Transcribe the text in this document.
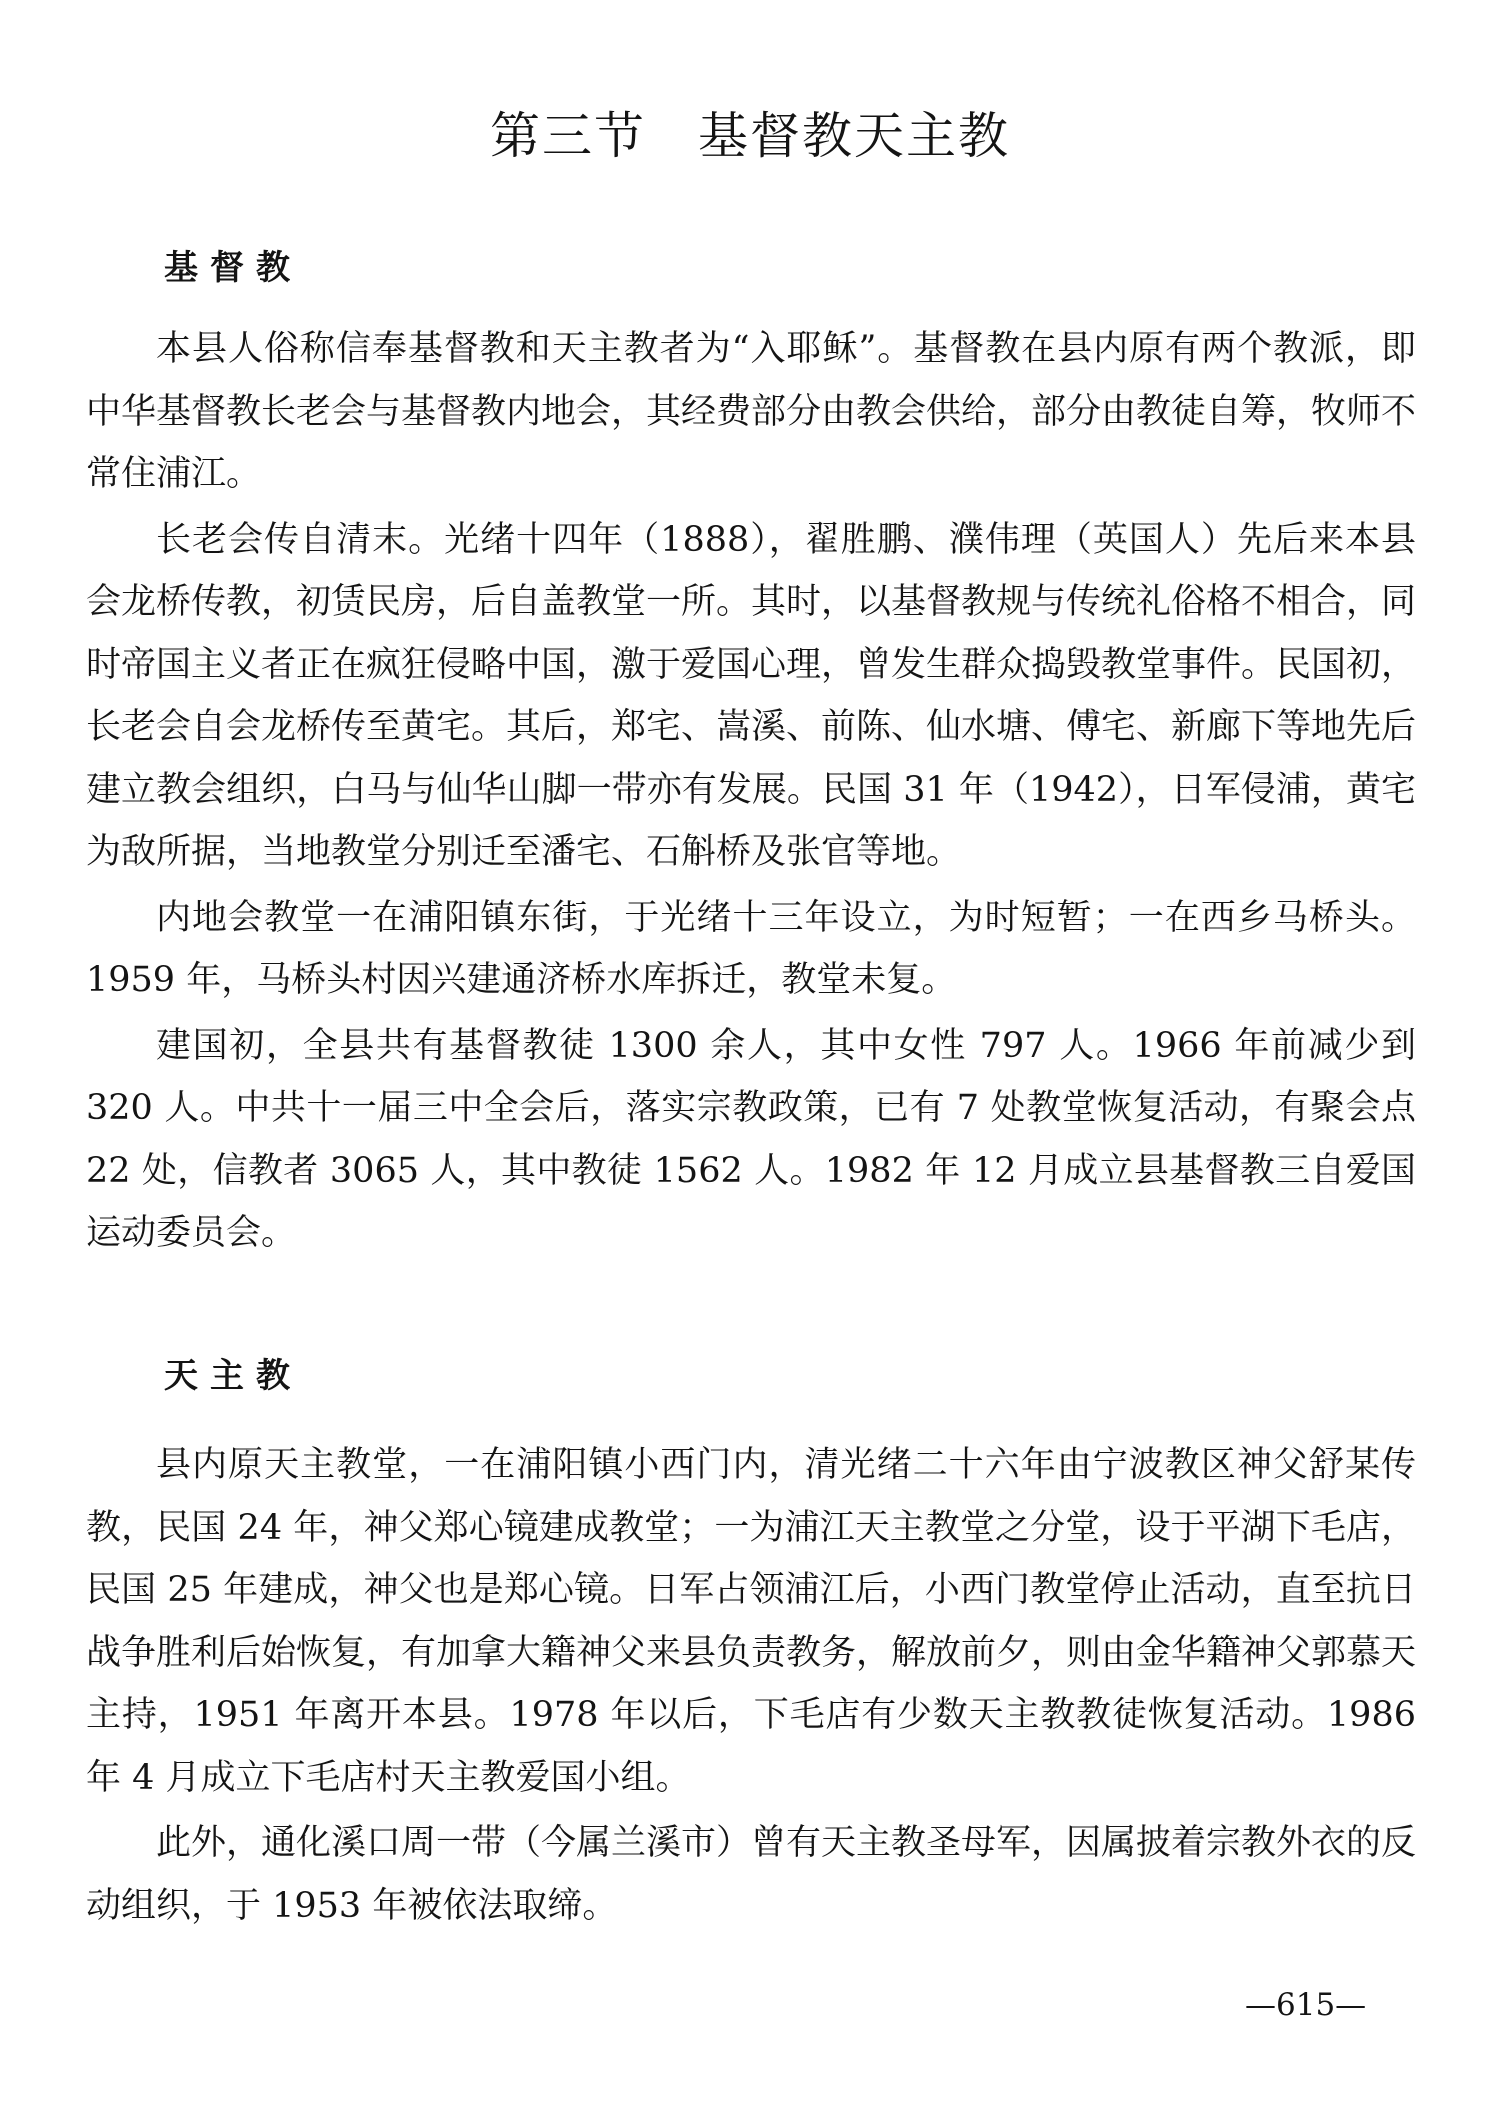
第三节　基督教天主教
基督教

本县人俗称信奉基督教和天主教者为“入耶稣”。基督教在县内原有两个教派，即中华基督教长老会与基督教内地会，其经费部分由教会供给，部分由教徒自筹，牧师不常住浦江。

长老会传自清末。光绪十四年（1888），翟胜鹏、濮伟理（英国人）先后来本县会龙桥传教，初赁民房，后自盖教堂一所。其时，以基督教规与传统礼俗格不相合，同时帝国主义者正在疯狂侵略中国，激于爱国心理，曾发生群众捣毁教堂事件。民国初，长老会自会龙桥传至黄宅。其后，郑宅、嵩溪、前陈、仙水塘、傅宅、新廊下等地先后建立教会组织，白马与仙华山脚一带亦有发展。民国 31 年（1942），日军侵浦，黄宅为敌所据，当地教堂分别迁至潘宅、石斛桥及张官等地。

内地会教堂一在浦阳镇东街，于光绪十三年设立，为时短暂；一在西乡马桥头。1959 年，马桥头村因兴建通济桥水库拆迁，教堂未复。

建国初，全县共有基督教徒 1300 余人，其中女性 797 人。1966 年前减少到 320 人。中共十一届三中全会后，落实宗教政策，已有 7 处教堂恢复活动，有聚会点 22 处，信教者 3065 人，其中教徒 1562 人。1982 年 12 月成立县基督教三自爱国运动委员会。

天主教

县内原天主教堂，一在浦阳镇小西门内，清光绪二十六年由宁波教区神父舒某传教，民国 24 年，神父郑心镜建成教堂；一为浦江天主教堂之分堂，设于平湖下毛店，民国 25 年建成，神父也是郑心镜。日军占领浦江后，小西门教堂停止活动，直至抗日战争胜利后始恢复，有加拿大籍神父来县负责教务，解放前夕，则由金华籍神父郭慕天主持，1951 年离开本县。1978 年以后，下毛店有少数天主教教徒恢复活动。1986 年 4 月成立下毛店村天主教爱国小组。

此外，通化溪口周一带（今属兰溪市）曾有天主教圣母军，因属披着宗教外衣的反动组织，于 1953 年被依法取缔。

—615—
